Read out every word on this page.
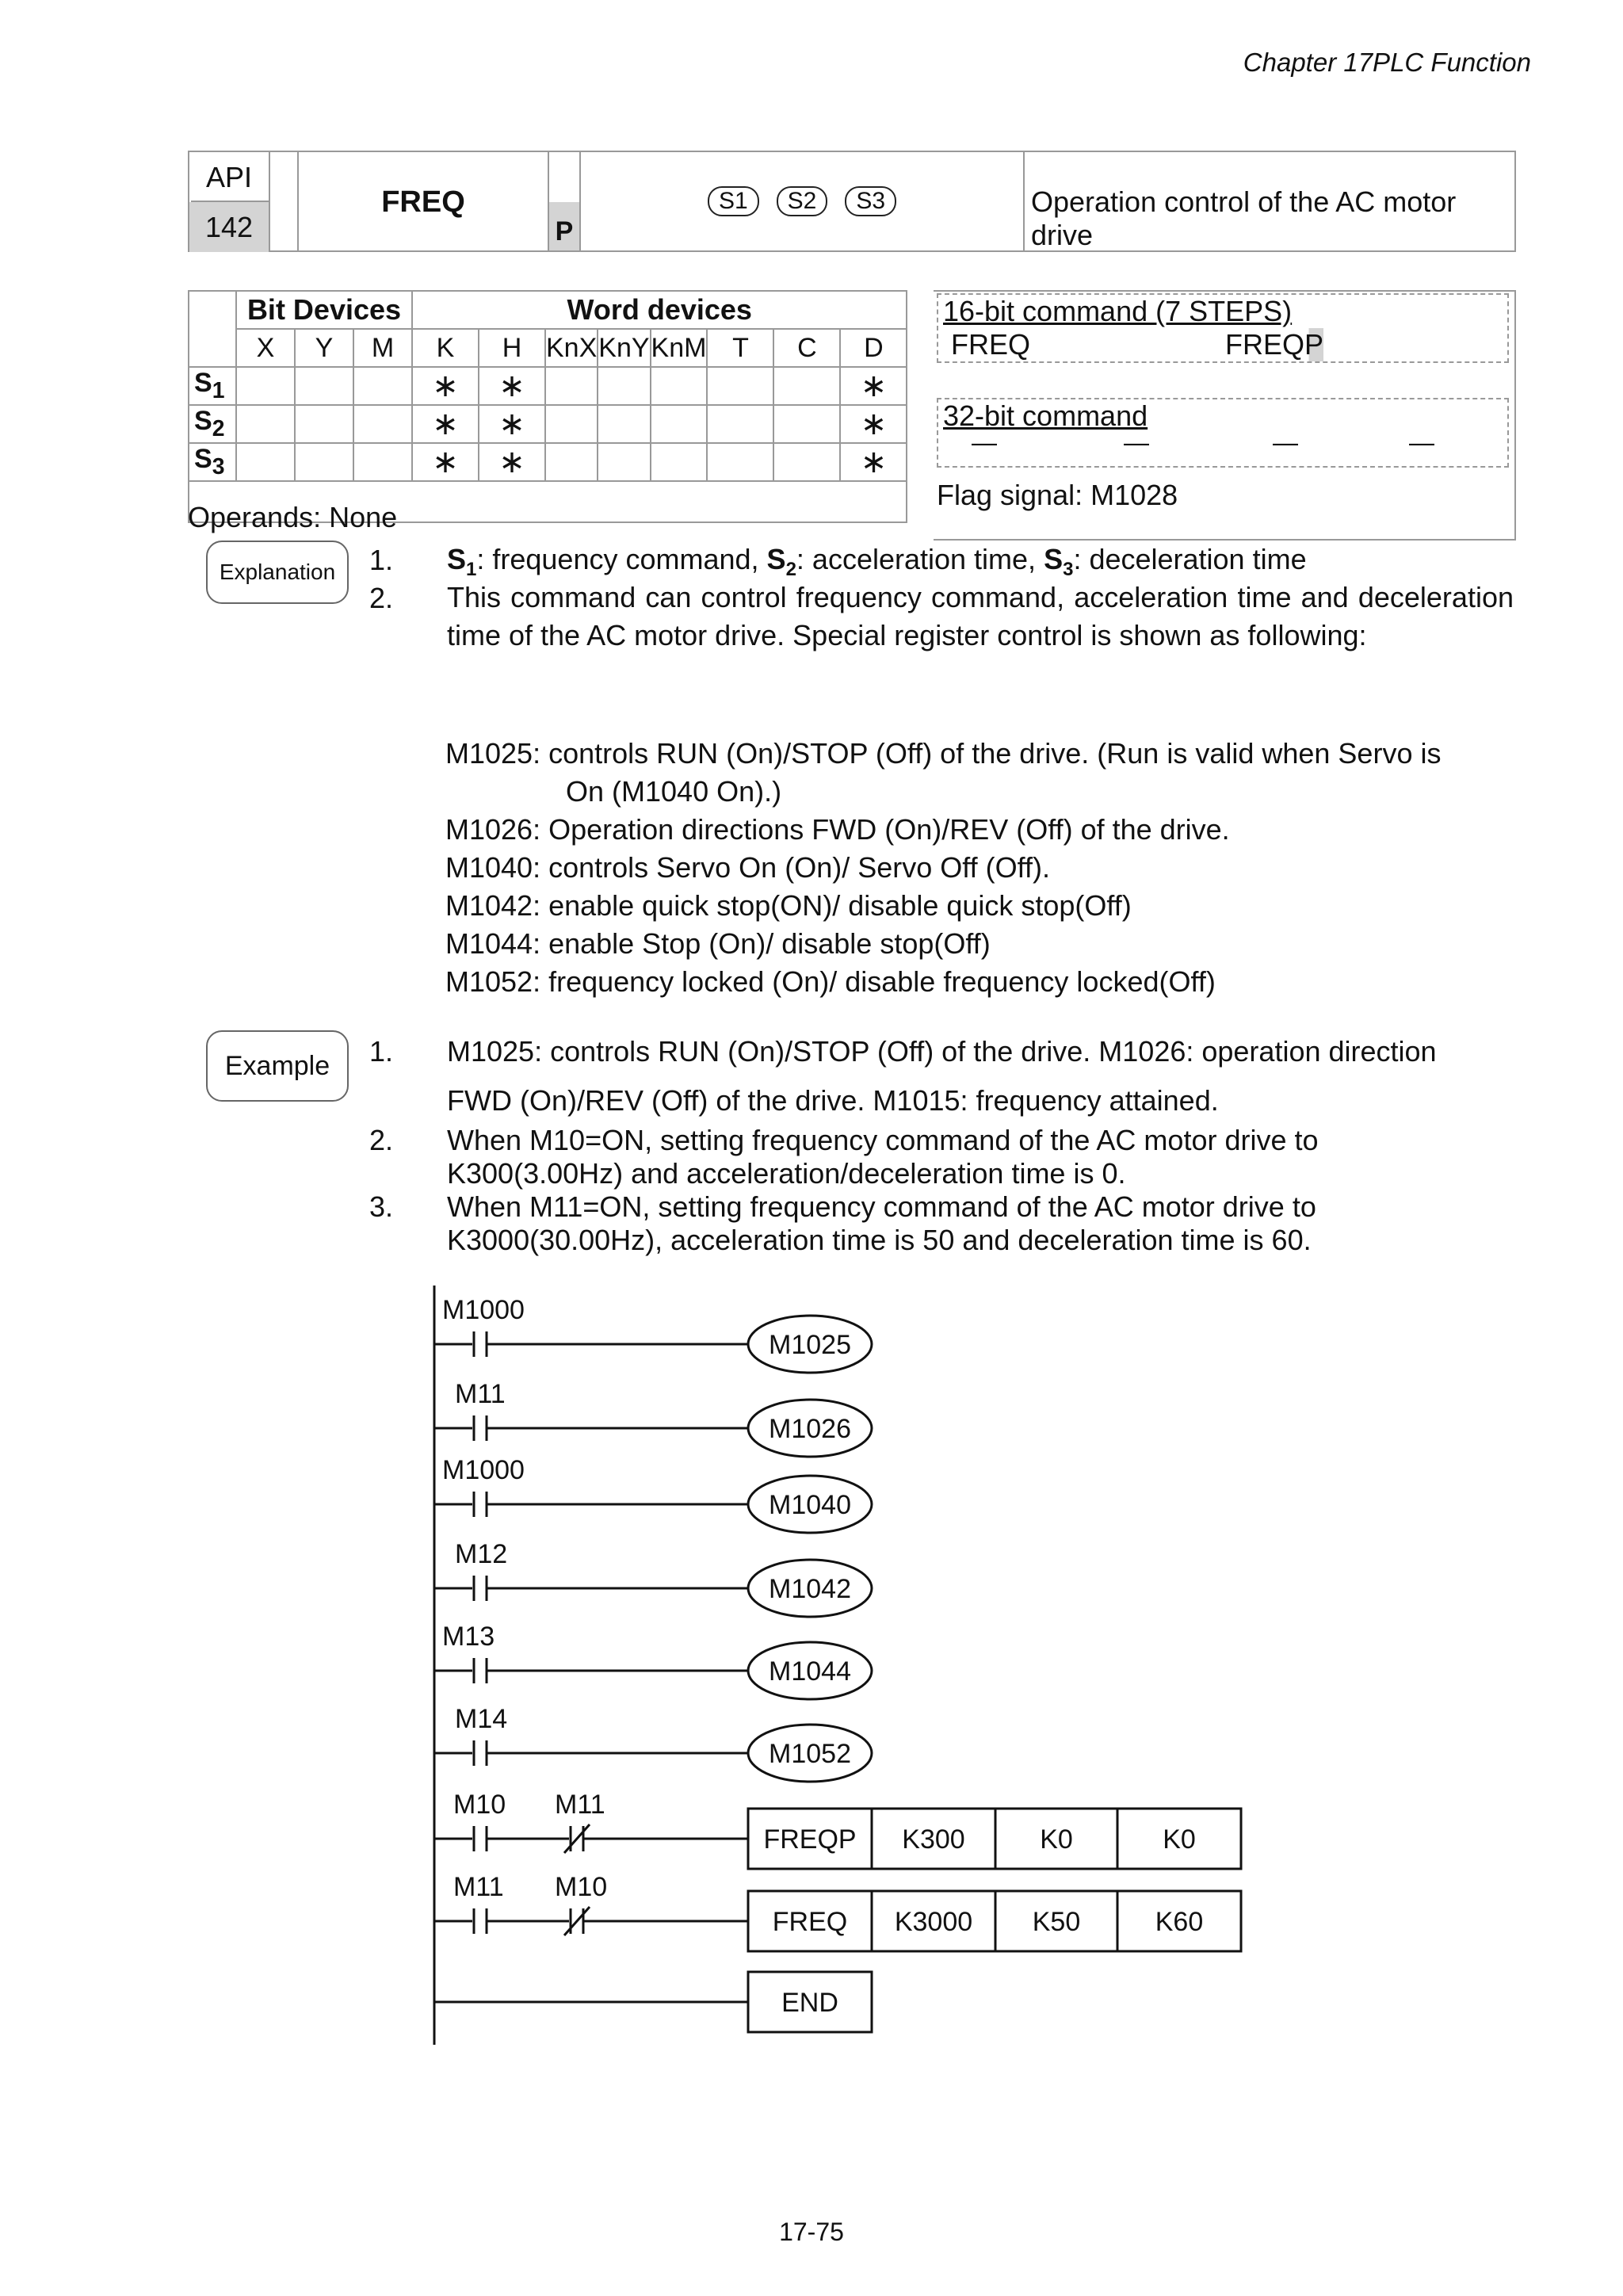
Chapter 17PLC Function
API
142
FREQ
P
S1	S2	S3	Operation control of the AC motor drive
	Bit Devices			Word devices							
	X	Y	M	K	H	KnX	KnY	KnM	T	C	D
$S_1$				∗	∗						∗
$S_2$				∗	∗						∗
$S_3$				∗	∗						∗

Operands: None
16-bit command (7 STEPS)
FREQ	FREQP
32-bit command
—	—	—	—
Flag signal: M1028
Explanation	1. $S_1$: frequency command, $S_2$: acceleration time, $S_3$: deceleration time
2. This command can control frequency command, acceleration time and deceleration time of the AC motor drive. Special register control is shown as following:
M1025: controls RUN (On)/STOP (Off) of the drive. (Run is valid when Servo is
On (M1040 On).)
M1026: Operation directions FWD (On)/REV (Off) of the drive.
M1040: controls Servo On (On)/ Servo Off (Off).
M1042: enable quick stop(ON)/ disable quick stop(Off)
M1044: enable Stop (On)/ disable stop(Off)
M1052: frequency locked (On)/ disable frequency locked(Off)
Example	1. M1025: controls RUN (On)/STOP (Off) of the drive. M1026: operation direction
FWD (On)/REV (Off) of the drive. M1015: frequency attained.
2. When M10=ON, setting frequency command of the AC motor drive to
K300(3.00Hz) and acceleration/deceleration time is 0.
3. When M11=ON, setting frequency command of the AC motor drive to
K3000(30.00Hz), acceleration time is 50 and deceleration time is 60.
M1000
M1025
M11
M1026
M1000
M1040
M12
M1042
M13
M1044
M14
M1052
M10 M11
FREQP K300	K0	K0
M11 M10
FREQ K3000 K50	K60
END
17-75
